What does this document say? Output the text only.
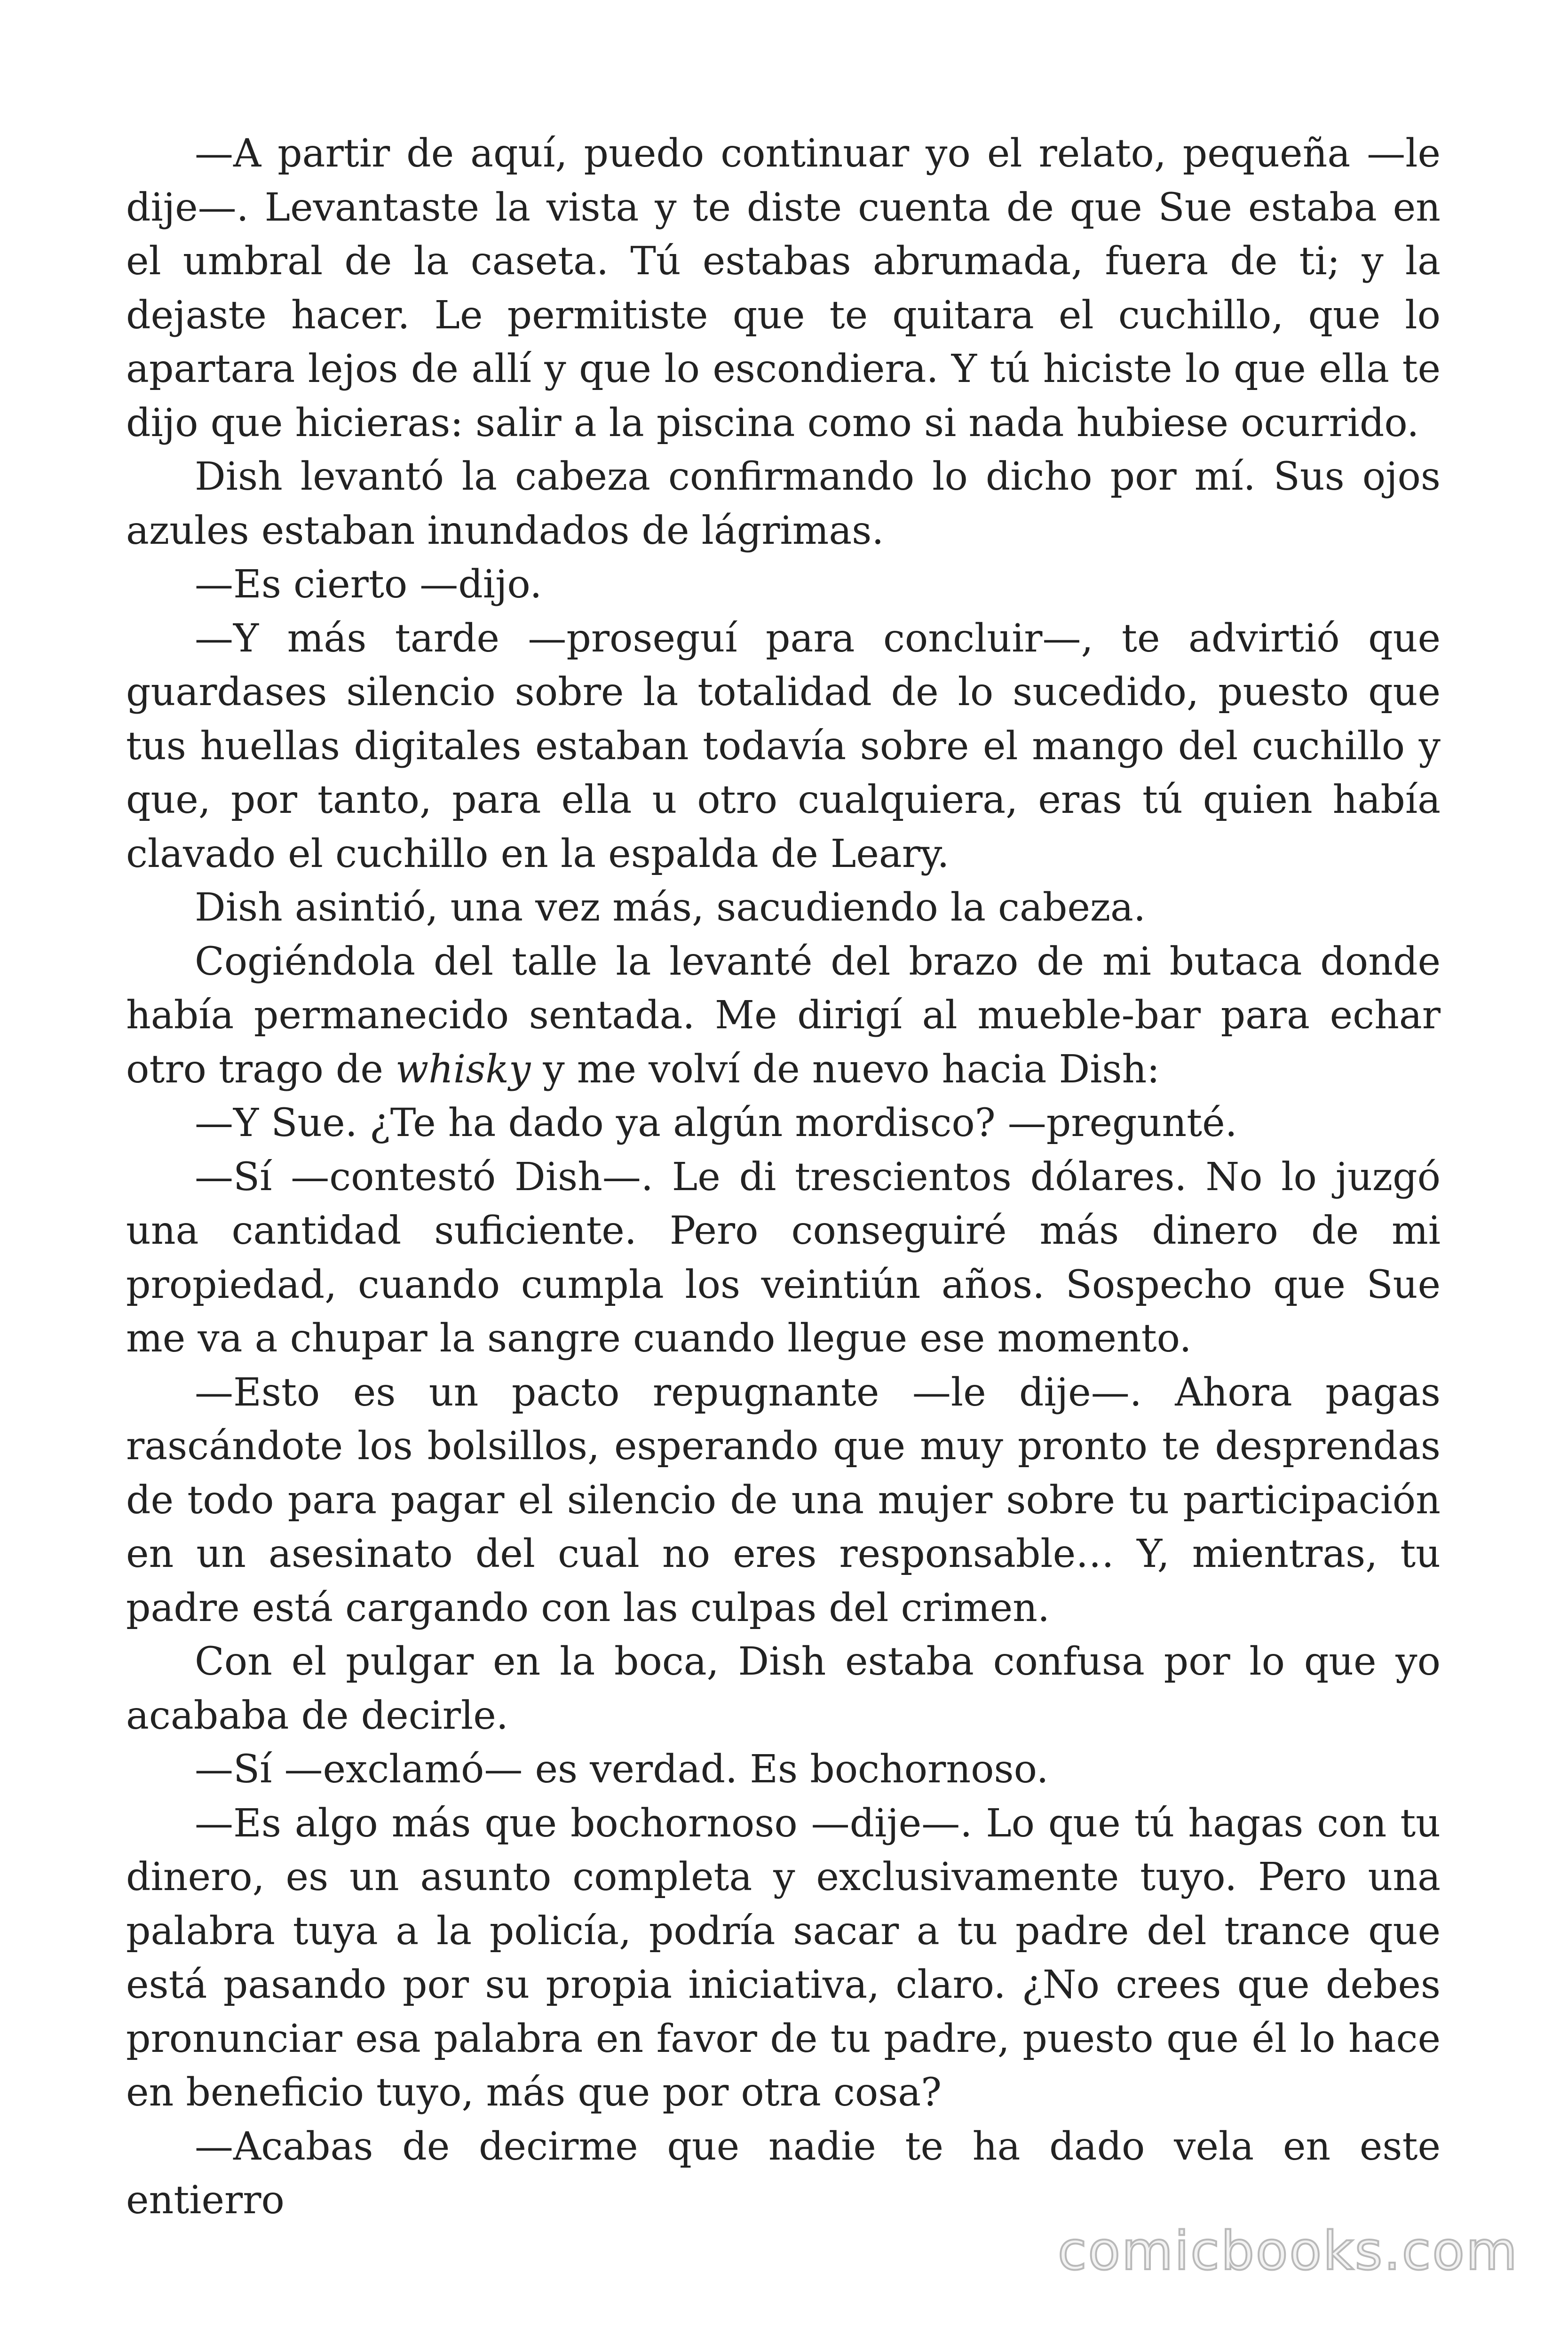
—A partir de aquí, puedo continuar yo el relato, pequeña —le dije—. Levantaste la vista y te diste cuenta de que Sue estaba en el umbral de la caseta. Tú estabas abrumada, fuera de ti; y la dejaste hacer. Le permitiste que te quitara el cuchillo, que lo apartara lejos de allí y que lo escondiera. Y tú hiciste lo que ella te dijo que hicieras: salir a la piscina como si nada hubiese ocurrido.

Dish levantó la cabeza confirmando lo dicho por mí. Sus ojos azules estaban inundados de lágrimas.

—Es cierto —dijo.

—Y más tarde —proseguí para concluir—, te advirtió que guardases silencio sobre la totalidad de lo sucedido, puesto que tus huellas digitales estaban todavía sobre el mango del cuchillo y que, por tanto, para ella u otro cualquiera, eras tú quien había clavado el cuchillo en la espalda de Leary.

Dish asintió, una vez más, sacudiendo la cabeza.

Cogiéndola del talle la levanté del brazo de mi butaca donde había permanecido sentada. Me dirigí al mueble-bar para echar otro trago de whisky y me volví de nuevo hacia Dish:

—Y Sue. ¿Te ha dado ya algún mordisco? —pregunté.

—Sí —contestó Dish—. Le di trescientos dólares. No lo juzgó una cantidad suficiente. Pero conseguiré más dinero de mi propiedad, cuando cumpla los veintiún años. Sospecho que Sue me va a chupar la sangre cuando llegue ese momento.

—Esto es un pacto repugnante —le dije—. Ahora pagas rascándote los bolsillos, esperando que muy pronto te desprendas de todo para pagar el silencio de una mujer sobre tu participación en un asesinato del cual no eres responsable… Y, mientras, tu padre está cargando con las culpas del crimen.

Con el pulgar en la boca, Dish estaba confusa por lo que yo acababa de decirle.

—Sí —exclamó— es verdad. Es bochornoso.

—Es algo más que bochornoso —dije—. Lo que tú hagas con tu dinero, es un asunto completa y exclusivamente tuyo. Pero una palabra tuya a la policía, podría sacar a tu padre del trance que está pasando por su propia iniciativa, claro. ¿No crees que debes pronunciar esa palabra en favor de tu padre, puesto que él lo hace en beneficio tuyo, más que por otra cosa?

—Acabas de decirme que nadie te ha dado vela en este entierro

comicbooks.com
